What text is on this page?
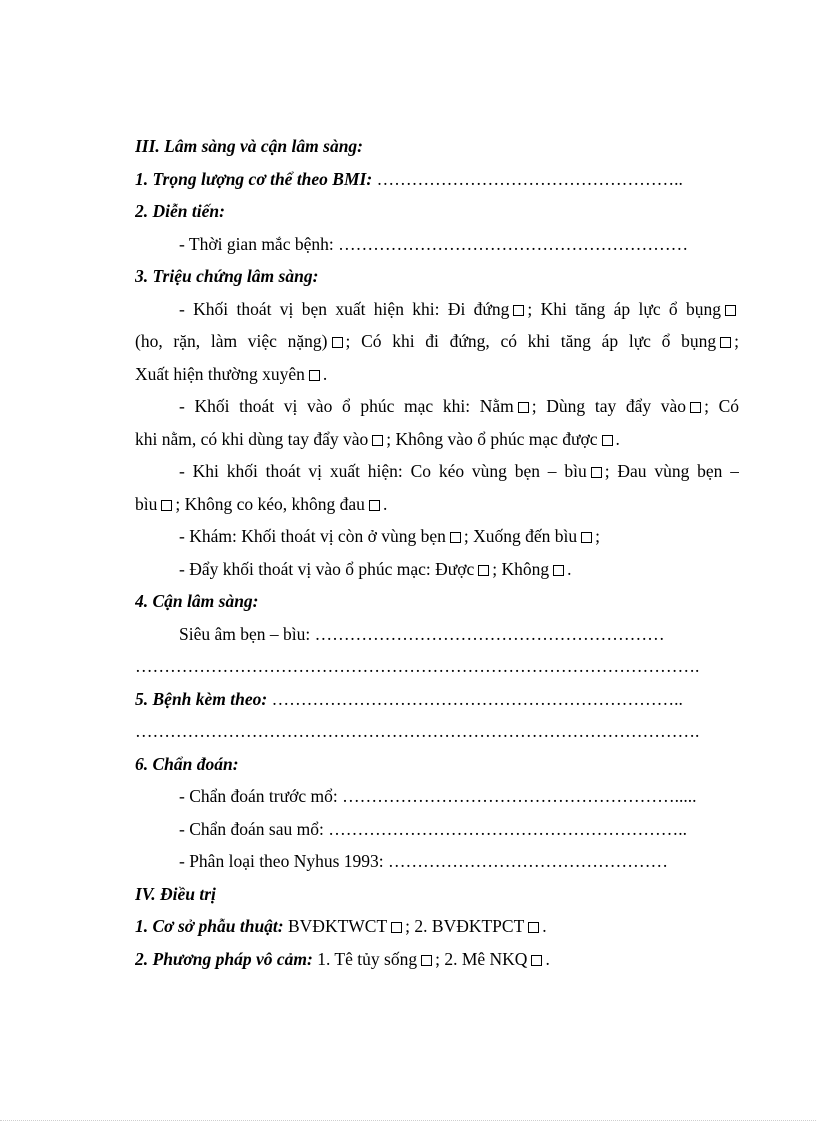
III. Lâm sàng và cận lâm sàng:
1. Trọng lượng cơ thể theo BMI: ……………………………………………..
2. Diễn tiến:
- Thời gian mắc bệnh: ……………………………………………………
3. Triệu chứng lâm sàng:
- Khối thoát vị bẹn xuất hiện khi: Đi đứng ; Khi tăng áp lực ổ bụng
(ho, rặn, làm việc nặng) ; Có khi đi đứng, có khi tăng áp lực ổ bụng ;
Xuất hiện thường xuyên .
- Khối thoát vị vào ổ phúc mạc khi: Nằm ; Dùng tay đẩy vào ; Có
khi nằm, có khi dùng tay đẩy vào ; Không vào ổ phúc mạc được .
- Khi khối thoát vị xuất hiện: Co kéo vùng bẹn – bìu ; Đau vùng bẹn –
bìu ; Không co kéo, không đau .
- Khám: Khối thoát vị còn ở vùng bẹn ; Xuống đến bìu ;
- Đẩy khối thoát vị vào ổ phúc mạc: Được ; Không .
4. Cận lâm sàng:
Siêu âm bẹn – bìu: ……………………………………………………
…………………………………………………………………………………….
5. Bệnh kèm theo: ……………………………………………………………..
…………………………………………………………………………………….
6. Chẩn đoán:
- Chẩn đoán trước mổ: ………………………………………………….....
- Chẩn đoán sau mổ: ……………………………………………………..
- Phân loại theo Nyhus 1993: …………………………………………
IV. Điều trị
1. Cơ sở phẫu thuật: BVĐKTWCT ; 2. BVĐKTPCT .
2. Phương pháp vô cảm: 1. Tê tủy sống ; 2. Mê NKQ .
